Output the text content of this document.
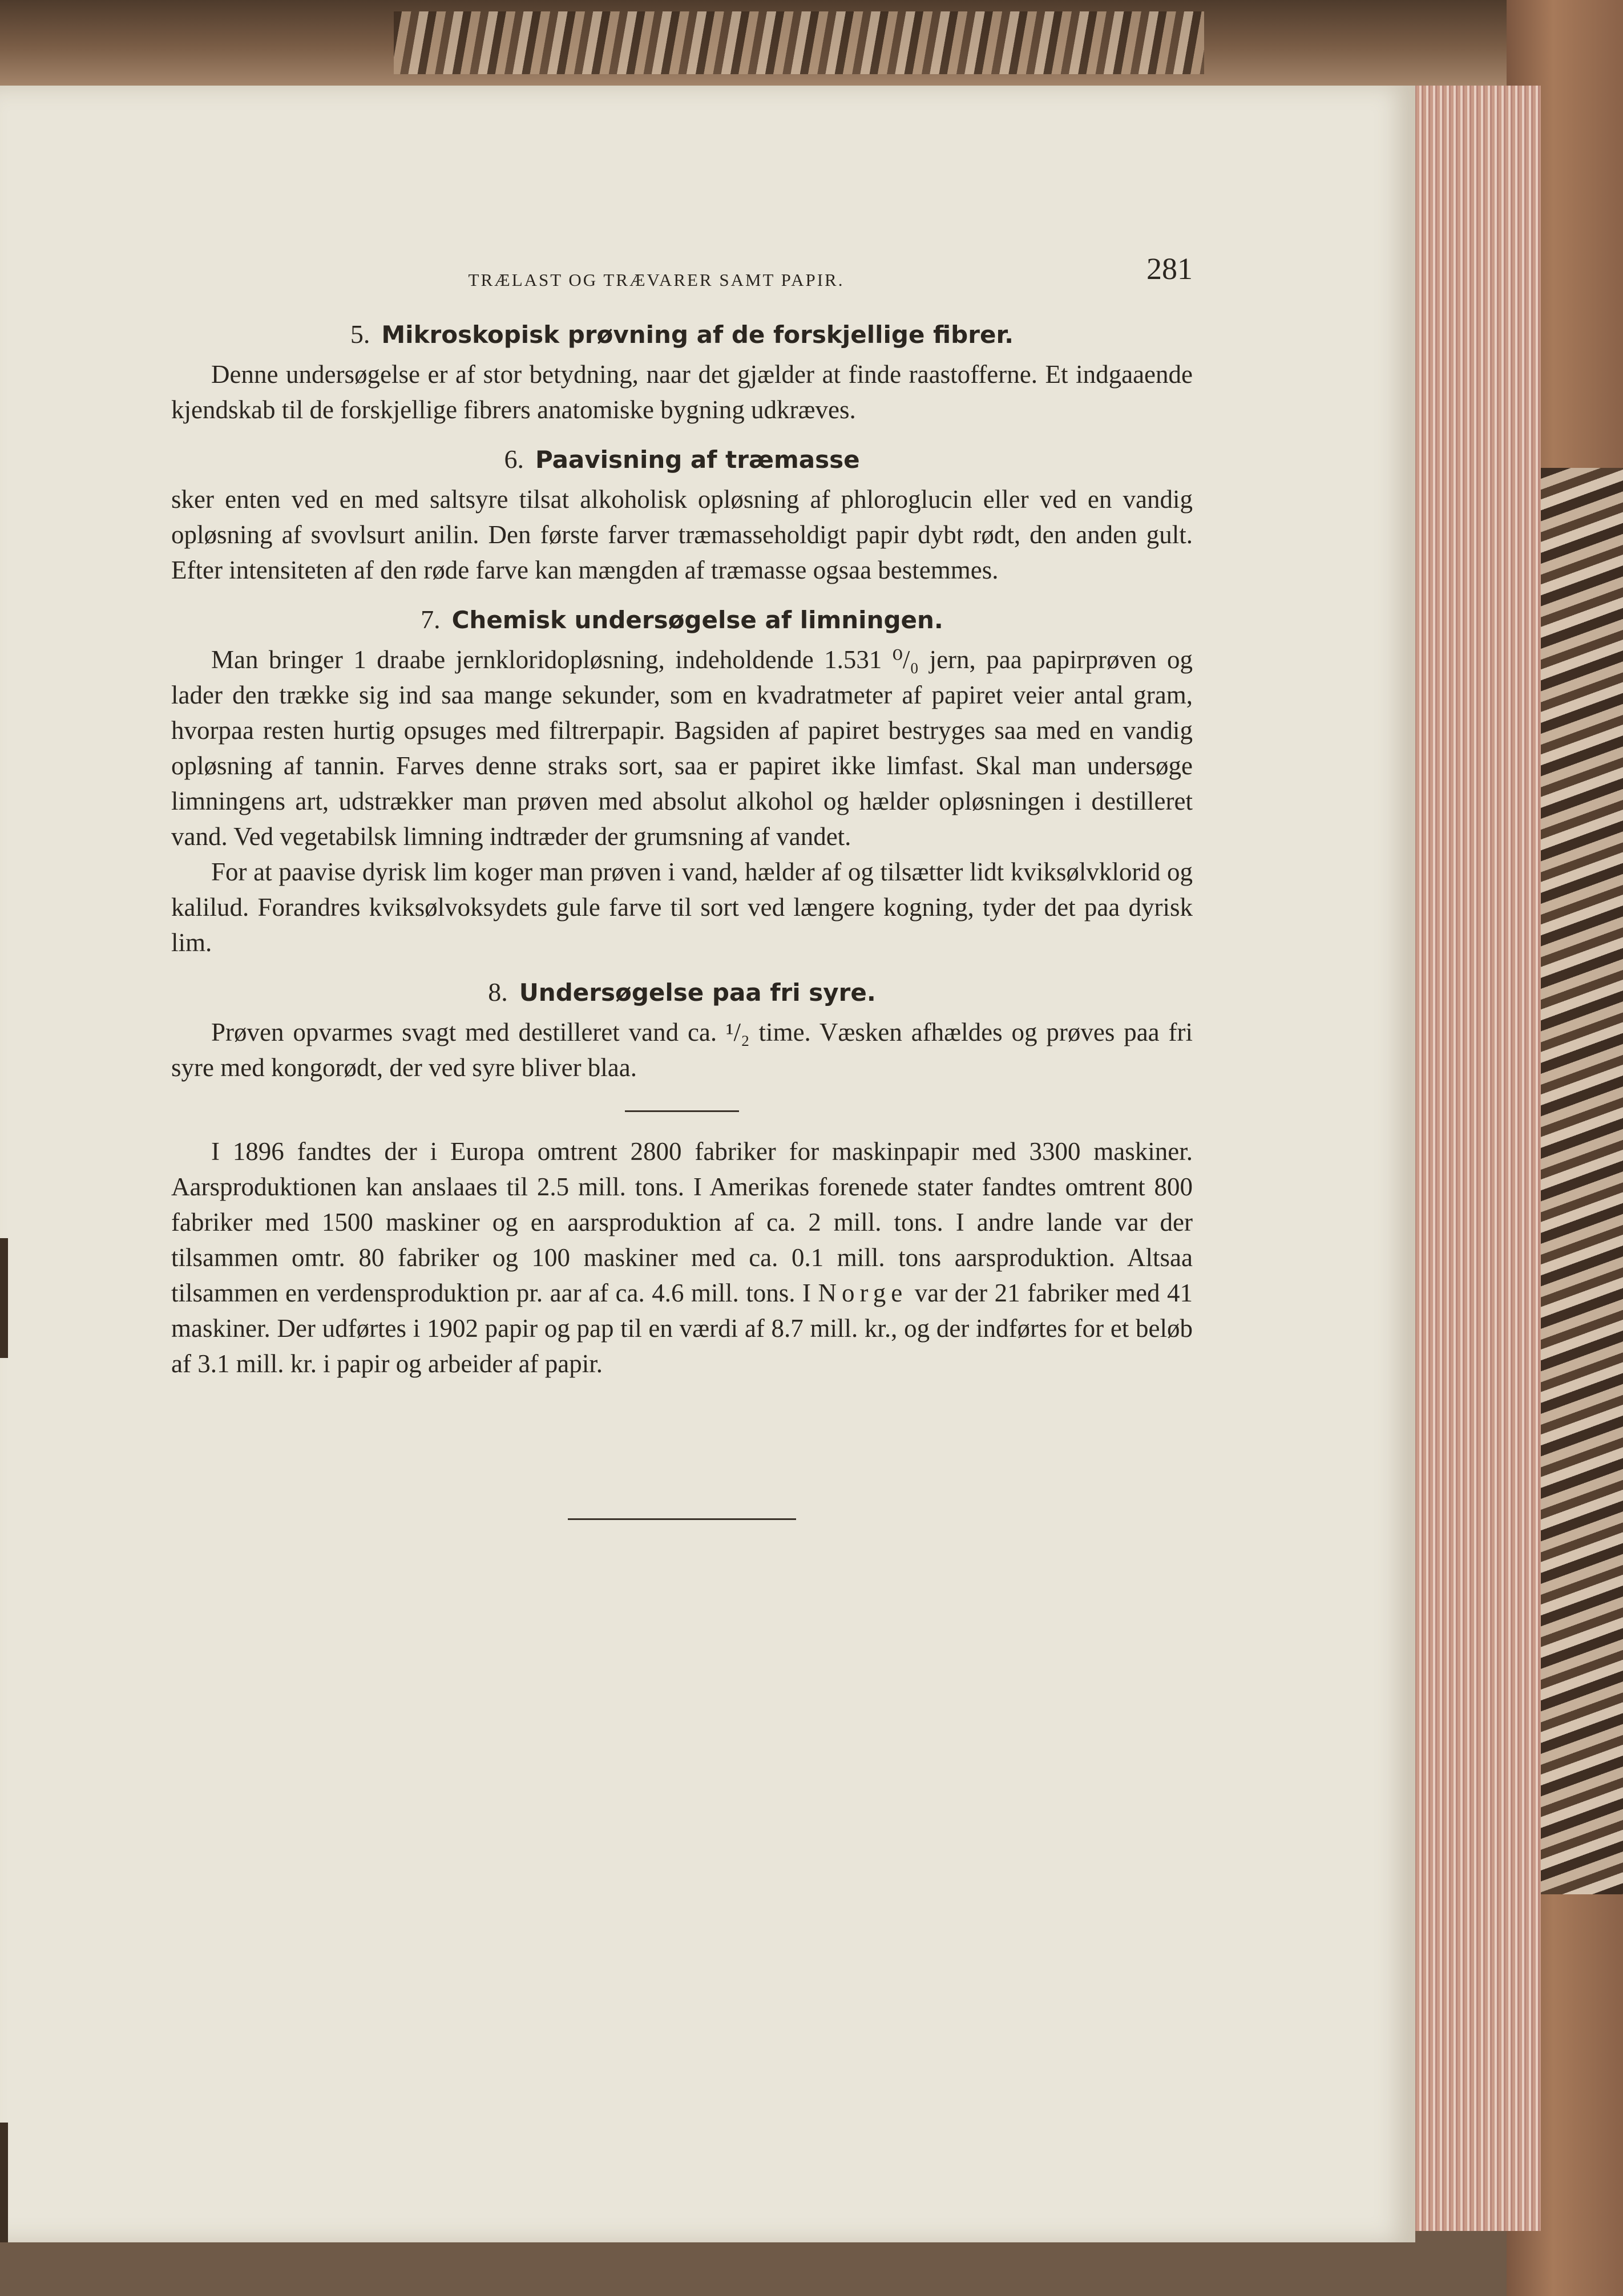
TRÆLAST OG TRÆVARER SAMT PAPIR.	281
5. Mikroskopisk prøvning af de forskjellige fibrer.

Denne undersøgelse er af stor betydning, naar det gjælder at finde raastofferne. Et indgaaende kjendskab til de forskjellige fibrers anatomiske bygning udkræves.

6. Paavisning af træmasse

sker enten ved en med saltsyre tilsat alkoholisk opløsning af phloroglucin eller ved en vandig opløsning af svovlsurt anilin. Den første farver træmasseholdigt papir dybt rødt, den anden gult. Efter intensiteten af den røde farve kan mængden af træmasse ogsaa bestemmes.

7. Chemisk undersøgelse af limningen.

Man bringer 1 draabe jernkloridopløsning, indeholdende 1.531 ⁰/₀ jern, paa papirprøven og lader den trække sig ind saa mange sekunder, som en kvadratmeter af papiret veier antal gram, hvorpaa resten hurtig opsuges med filtrerpapir. Bagsiden af papiret bestryges saa med en vandig opløsning af tannin. Farves denne straks sort, saa er papiret ikke limfast. Skal man undersøge limningens art, udstrækker man prøven med absolut alkohol og hælder opløsningen i destilleret vand. Ved vegetabilsk limning indtræder der grumsning af vandet.

For at paavise dyrisk lim koger man prøven i vand, hælder af og tilsætter lidt kviksølvklorid og kalilud. Forandres kviksølvoksydets gule farve til sort ved længere kogning, tyder det paa dyrisk lim.

8. Undersøgelse paa fri syre.

Prøven opvarmes svagt med destilleret vand ca. ¹/₂ time. Væsken afhældes og prøves paa fri syre med kongorødt, der ved syre bliver blaa.

I 1896 fandtes der i Europa omtrent 2800 fabriker for maskinpapir med 3300 maskiner. Aarsproduktionen kan anslaaes til 2.5 mill. tons. I Amerikas forenede stater fandtes omtrent 800 fabriker med 1500 maskiner og en aarsproduktion af ca. 2 mill. tons. I andre lande var der tilsammen omtr. 80 fabriker og 100 maskiner med ca. 0.1 mill. tons aarsproduktion. Altsaa tilsammen en verdensproduktion pr. aar af ca. 4.6 mill. tons. I Norge var der 21 fabriker med 41 maskiner. Der udførtes i 1902 papir og pap til en værdi af 8.7 mill. kr., og der indførtes for et beløb af 3.1 mill. kr. i papir og arbeider af papir.
